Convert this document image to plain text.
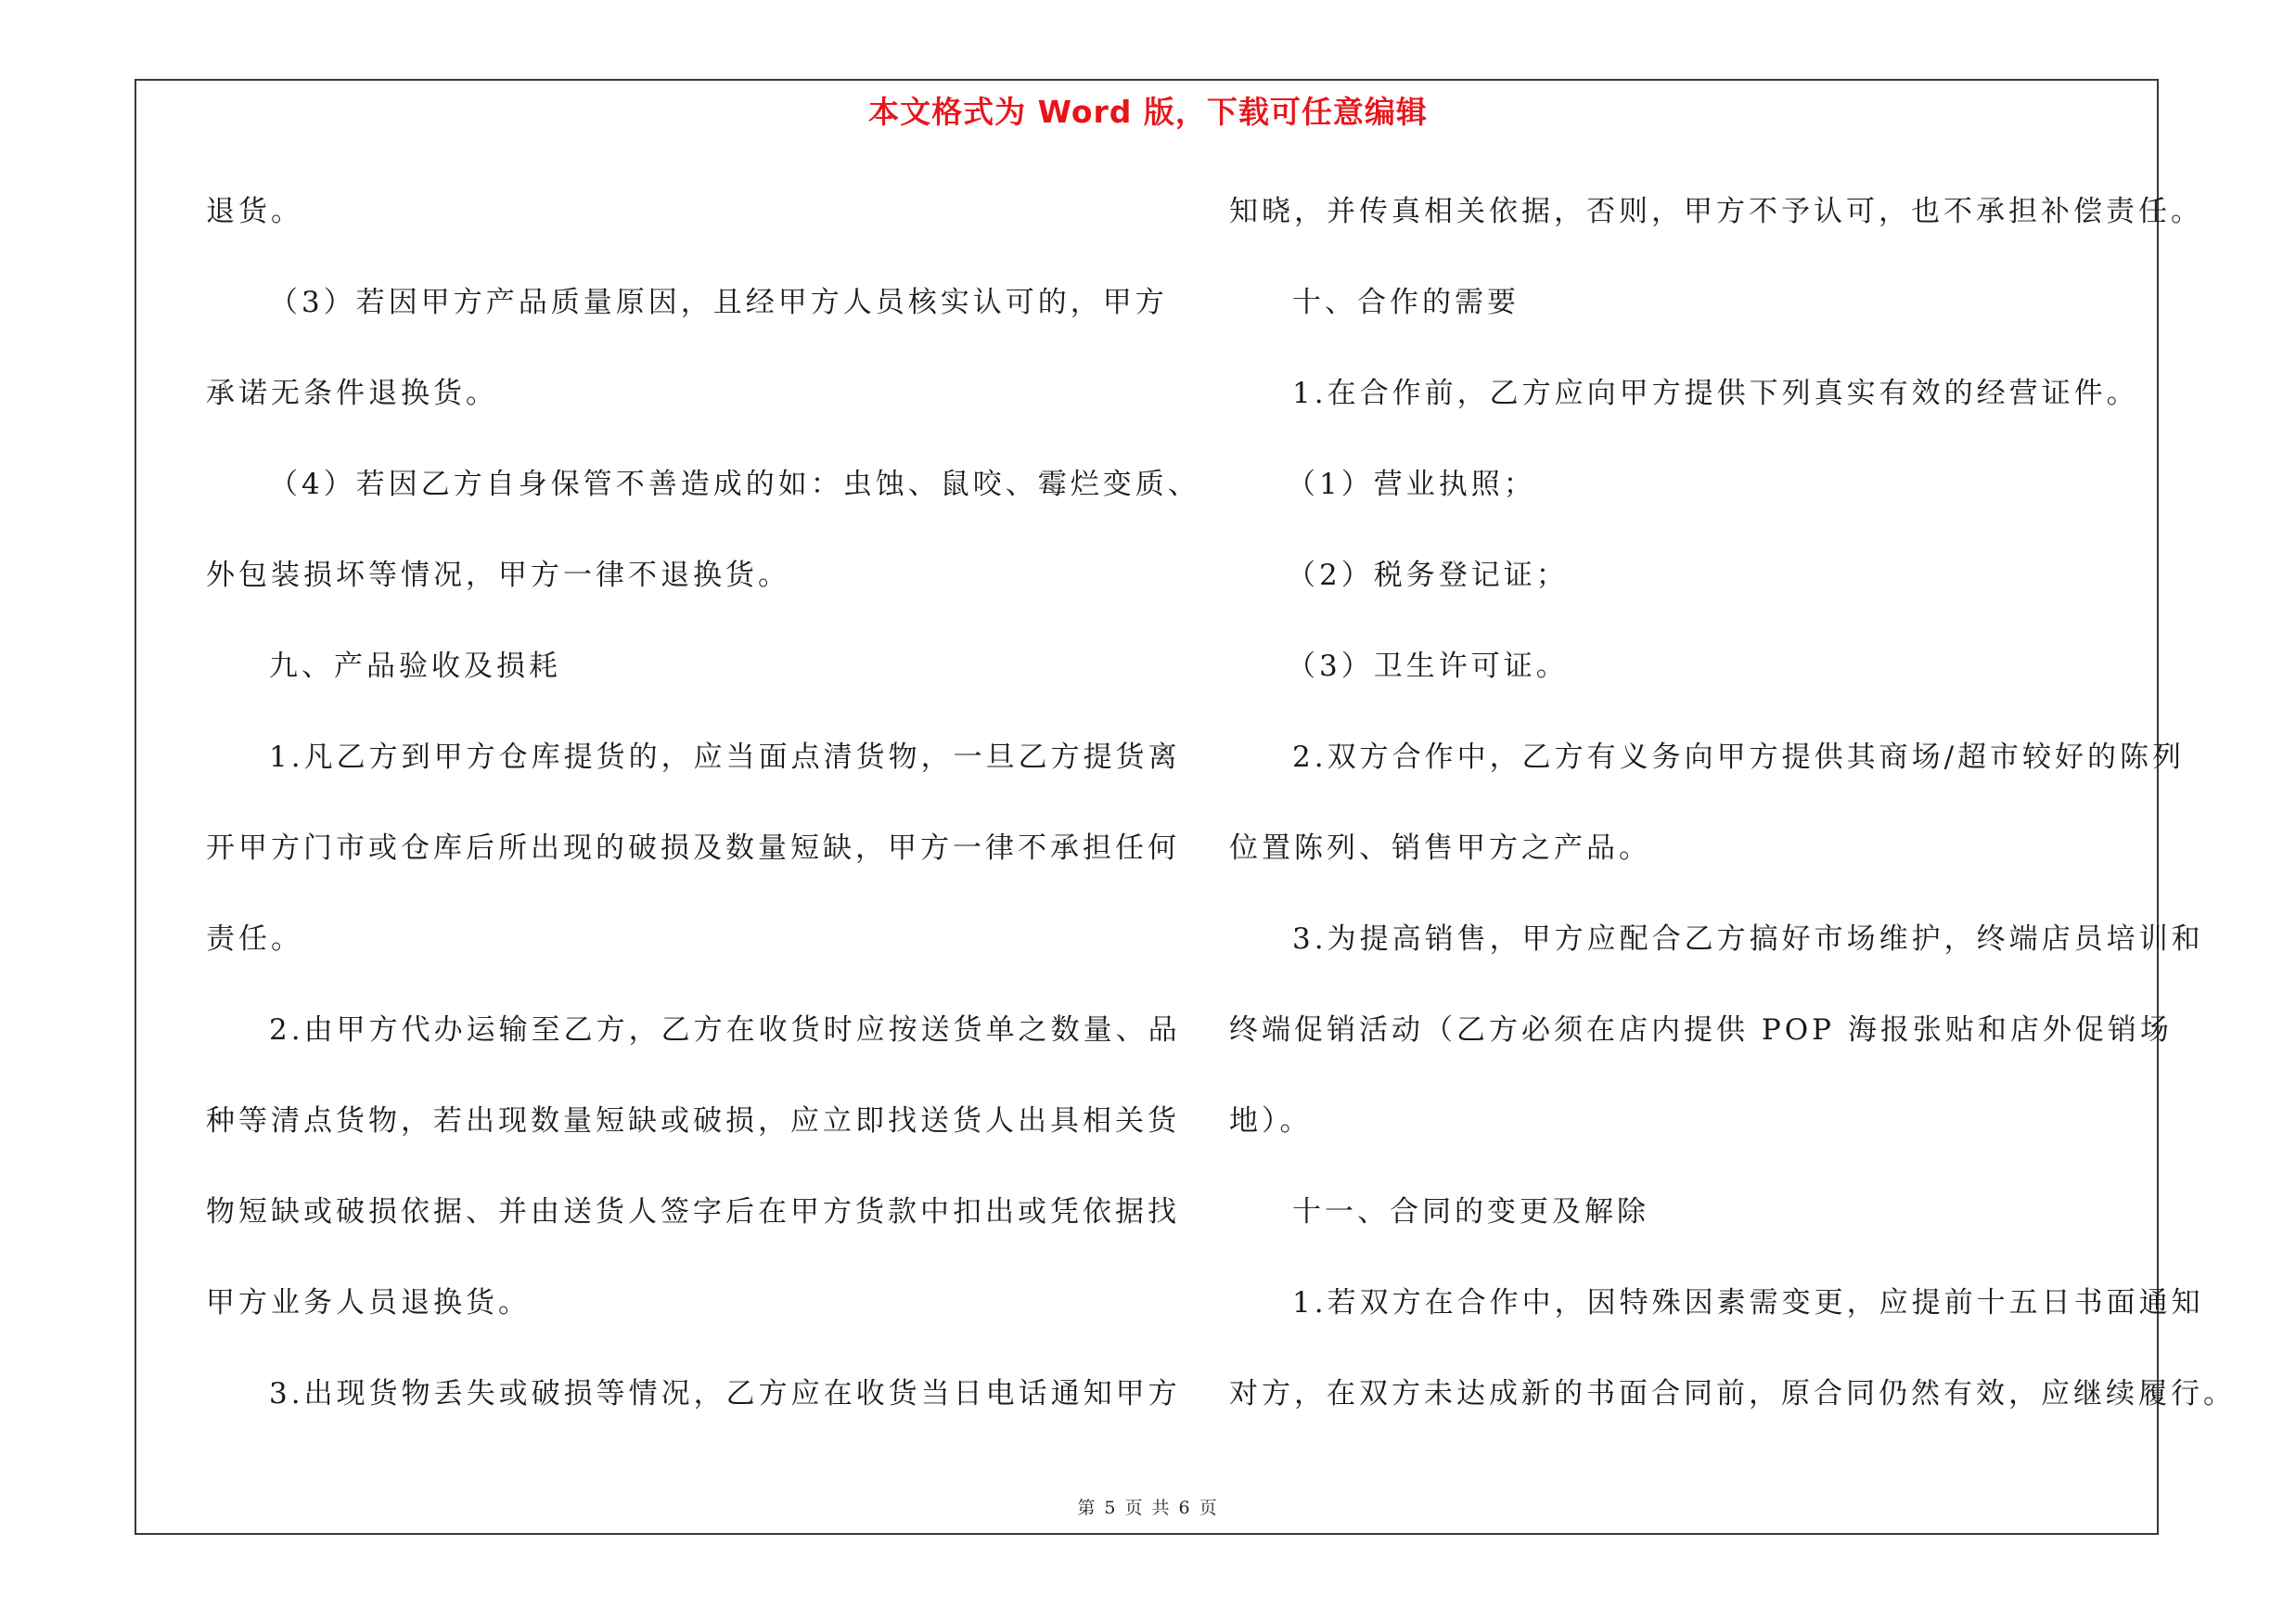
本文格式为 Word 版，下载可任意编辑
退货。
（3）若因甲方产品质量原因，且经甲方人员核实认可的，甲方
承诺无条件退换货。
（4）若因乙方自身保管不善造成的如：虫蚀、鼠咬、霉烂变质、
外包装损坏等情况，甲方一律不退换货。
九、产品验收及损耗
1.凡乙方到甲方仓库提货的，应当面点清货物，一旦乙方提货离
开甲方门市或仓库后所出现的破损及数量短缺，甲方一律不承担任何
责任。
2.由甲方代办运输至乙方，乙方在收货时应按送货单之数量、品
种等清点货物，若出现数量短缺或破损，应立即找送货人出具相关货
物短缺或破损依据、并由送货人签字后在甲方货款中扣出或凭依据找
甲方业务人员退换货。
3.出现货物丢失或破损等情况，乙方应在收货当日电话通知甲方
知晓，并传真相关依据，否则，甲方不予认可，也不承担补偿责任。
十、合作的需要
1.在合作前，乙方应向甲方提供下列真实有效的经营证件。
（1）营业执照；
（2）税务登记证；
（3）卫生许可证。
2.双方合作中，乙方有义务向甲方提供其商场/超市较好的陈列
位置陈列、销售甲方之产品。
3.为提高销售，甲方应配合乙方搞好市场维护，终端店员培训和
终端促销活动（乙方必须在店内提供 POP 海报张贴和店外促销场
地）。
十一、合同的变更及解除
1.若双方在合作中，因特殊因素需变更，应提前十五日书面通知
对方，在双方未达成新的书面合同前，原合同仍然有效，应继续履行。
第 5 页 共 6 页
